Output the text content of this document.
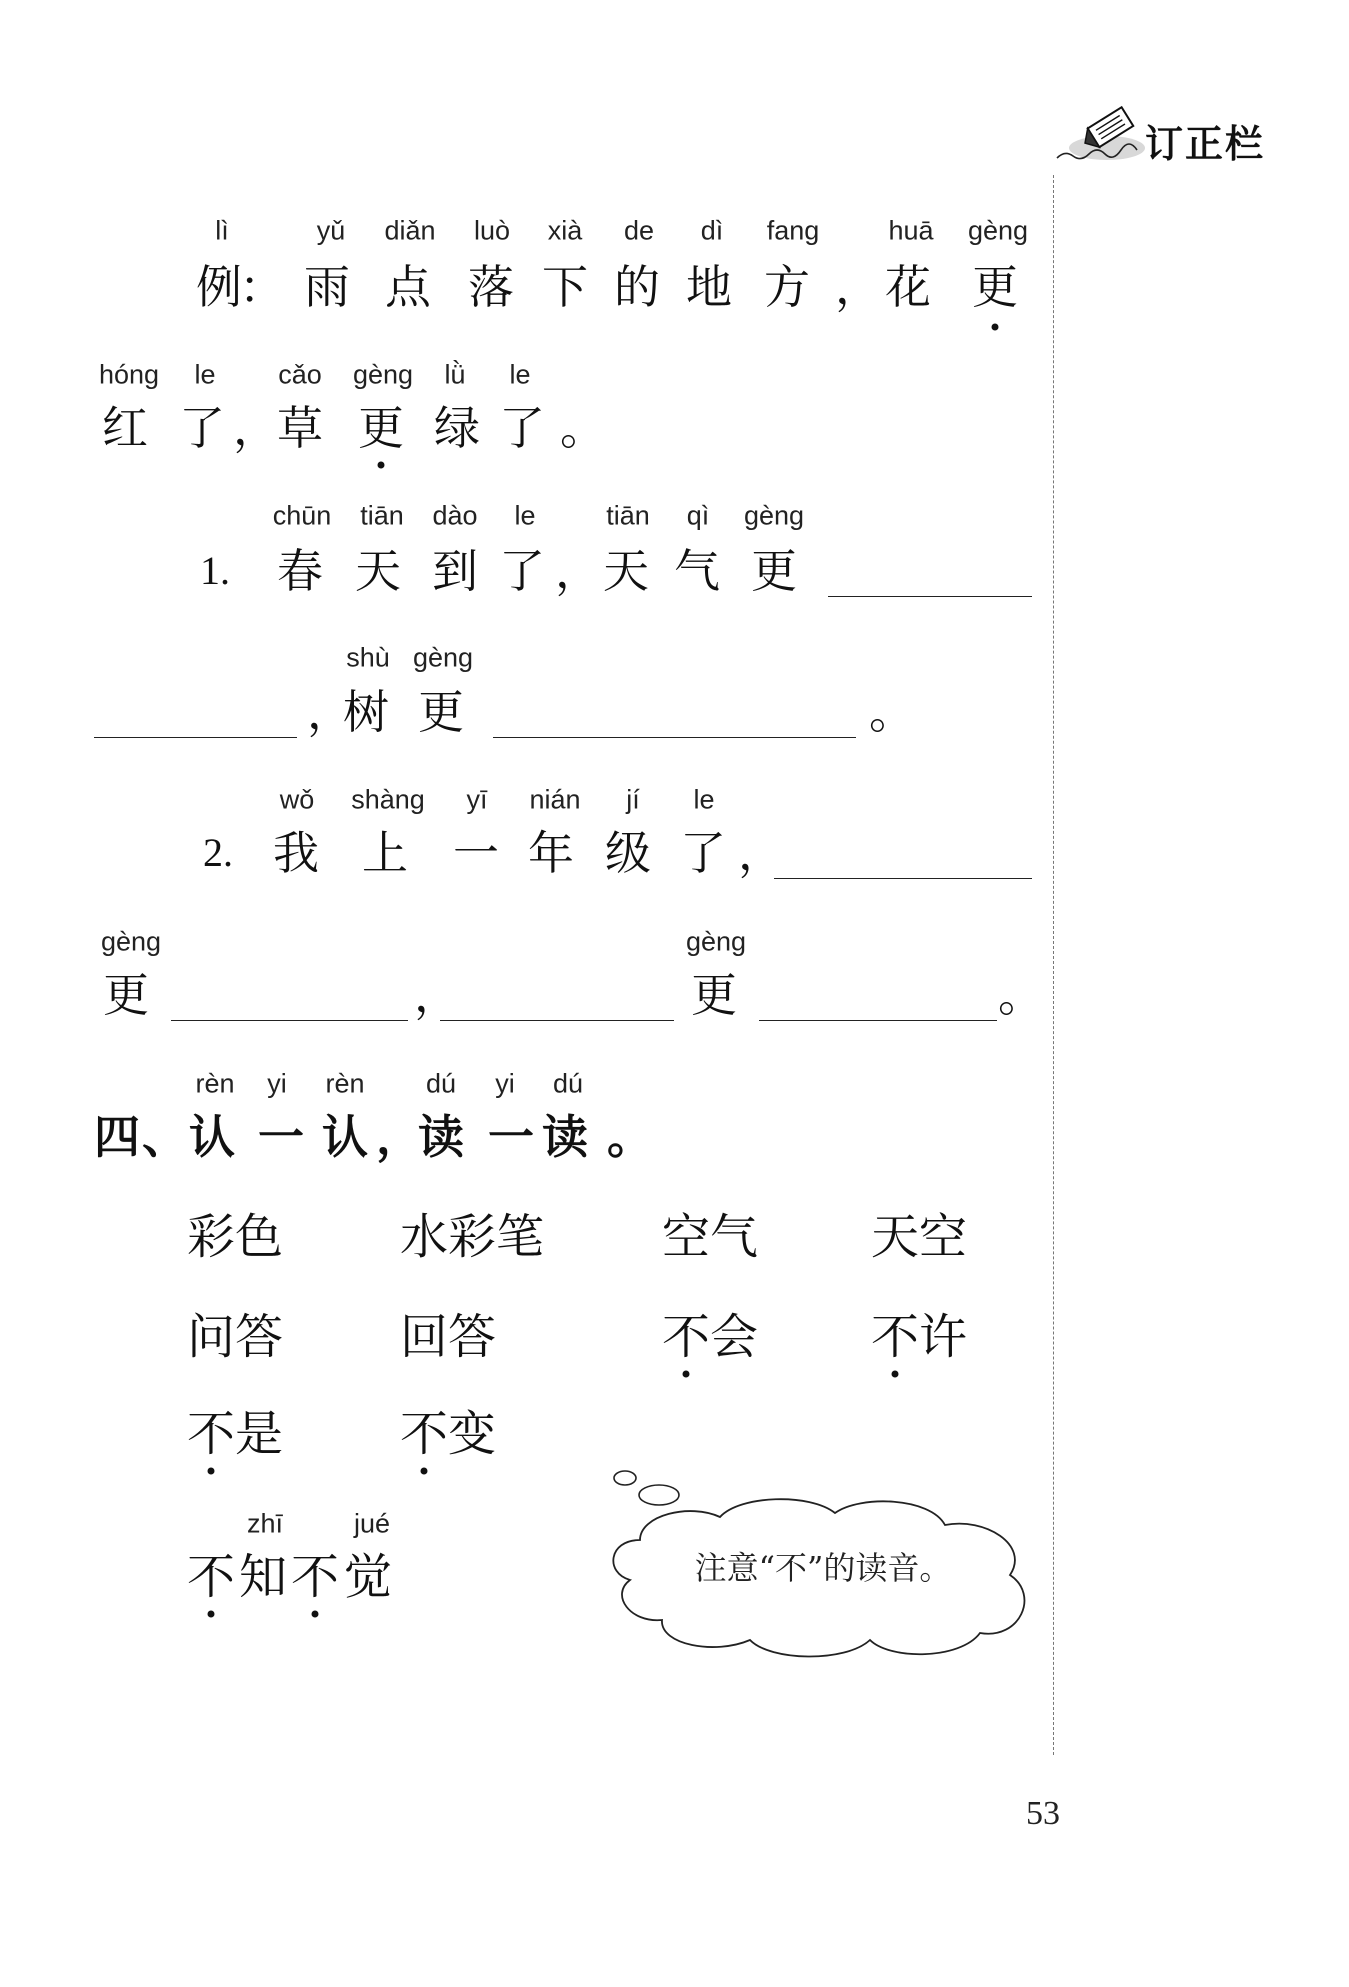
订正栏
lì	yǔ diǎn luò xià de dì fang	huā gèng
例
： 雨 点 落 下 的 地 方 ， 花 更
hóng le cǎo gèng lǜ le
红 了 ，
草 更 绿 了 。
chūn tiān dào le	tiān qì gèng
1. 春 天 到 了 ， 天 气 更
shù gèng
，
树 更	。
wǒ shàng yī nián jí le
2. 我 上 一 年 级 了 ，
gèng	gèng
更	，	更	。
rèn yi rèn dú yi dú
四 、 认 一 认 ，
读 一 读 。
彩色 水彩笔 空气 天空
问答 回答	不会 不许
不是 不变
zhī	jué
不 知 不 觉	注意“不”的读音。
53
